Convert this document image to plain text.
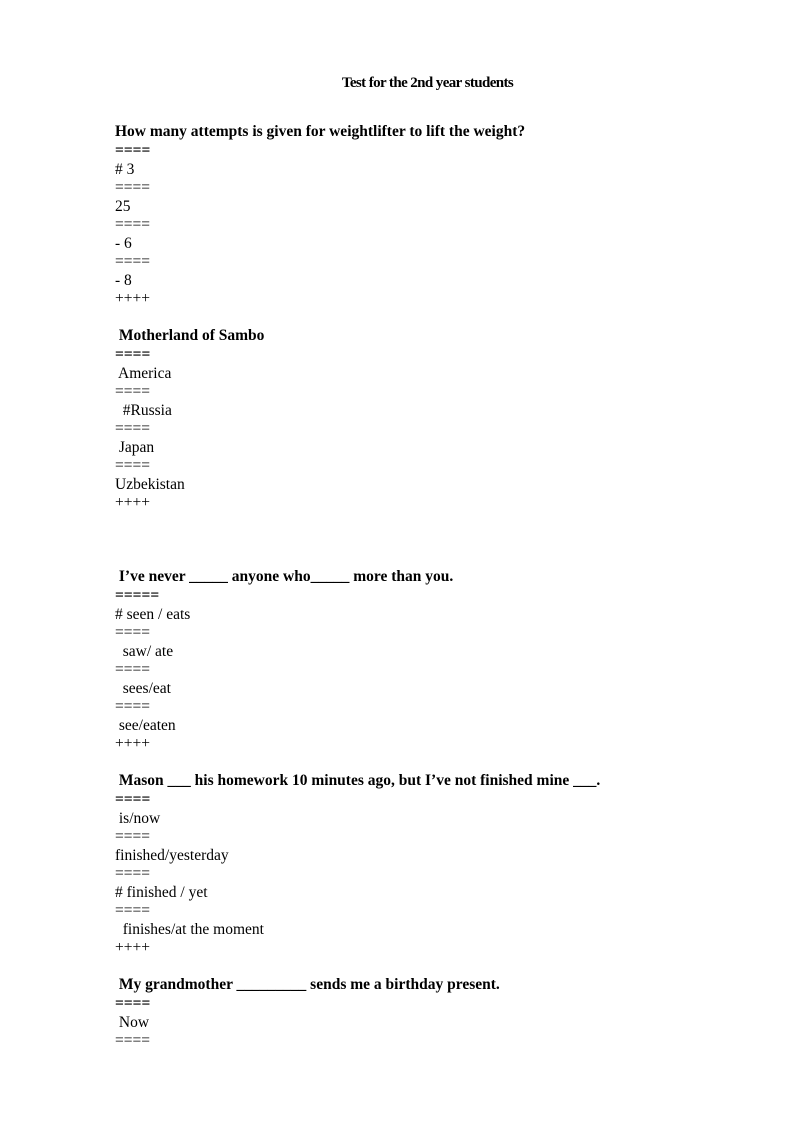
Test for the 2nd year students
How many attempts is given for weightlifter to lift the weight?
====
# 3
====
25
====
- 6
====
- 8
++++
Motherland of Sambo
====
America
====
#Russia
====
Japan
====
Uzbekistan
++++
I’ve never _____ anyone who_____ more than you.
=====
# seen / eats
====
saw/ ate
====
sees/eat
====
see/eaten
++++
Mason ___ his homework 10 minutes ago, but I’ve not finished mine ___.
====
is/now
====
finished/yesterday
====
# finished / yet
====
finishes/at the moment
++++
My grandmother _________ sends me a birthday present.
====
Now
====
